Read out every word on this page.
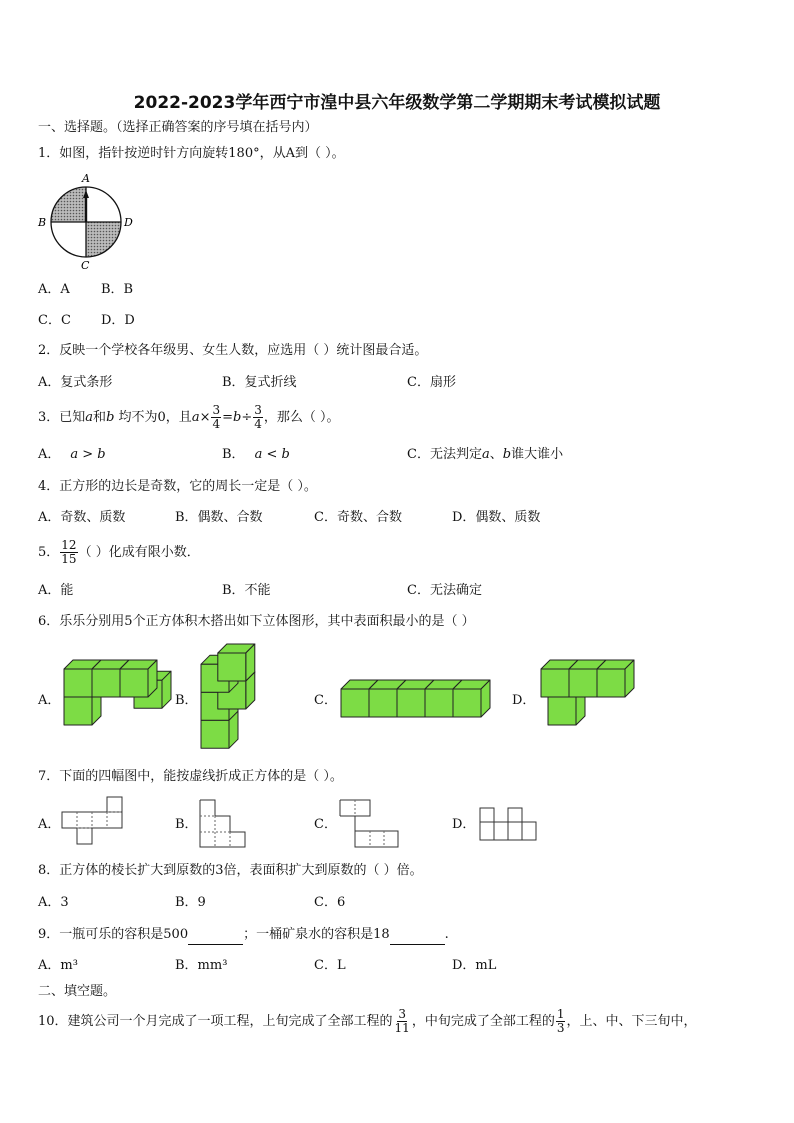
2022-2023学年西宁市湟中县六年级数学第二学期期末考试模拟试题
一、选择题。（选择正确答案的序号填在括号内）
1．如图，指针按逆时针方向旋转180°，从A到（ ）。
A
B
C
D
A．A B．B
C．C D．D
2．反映一个学校各年级男、女生人数，应选用（ ）统计图最合适。
A．复式条形	B．复式折线	C．扇形
3．已知a和b 均不为0，且$a\times \frac{3}{4} =b\div \frac{3}{4}$ ，那么（ ）。
A． a > b	B． a < b	C．无法判定a、b谁大谁小
4．正方形的边长是奇数，它的周长一定是（ ）。
A．奇数、质数	B．偶数、合数	C．奇数、合数	D．偶数、质数
5． $\frac{12}{15}$ （ ）化成有限小数．
A．能	B．不能	C．无法确定
6．乐乐分别用5个正方体积木搭出如下立体图形，其中表面积最小的是（ ）
A．	B．	C．	D．
7．下面的四幅图中，能按虚线折成正方体的是（ ）。
A．	B．	C．	D．
8．正方体的棱长扩大到原数的3倍，表面积扩大到原数的（ ）倍。
A．3	B．9	C．6
9．一瓶可乐的容积是500	；一桶矿泉水的容积是18	.
A．m³	B．mm³	C．L	D．mL
二、填空题。
10．建筑公司一个月完成了一项工程，上旬完成了全部工程的 $\frac{3}{11}$ ，中旬完成了全部工程的 $\frac{1}{3}$ ，上、中、下三旬中，
